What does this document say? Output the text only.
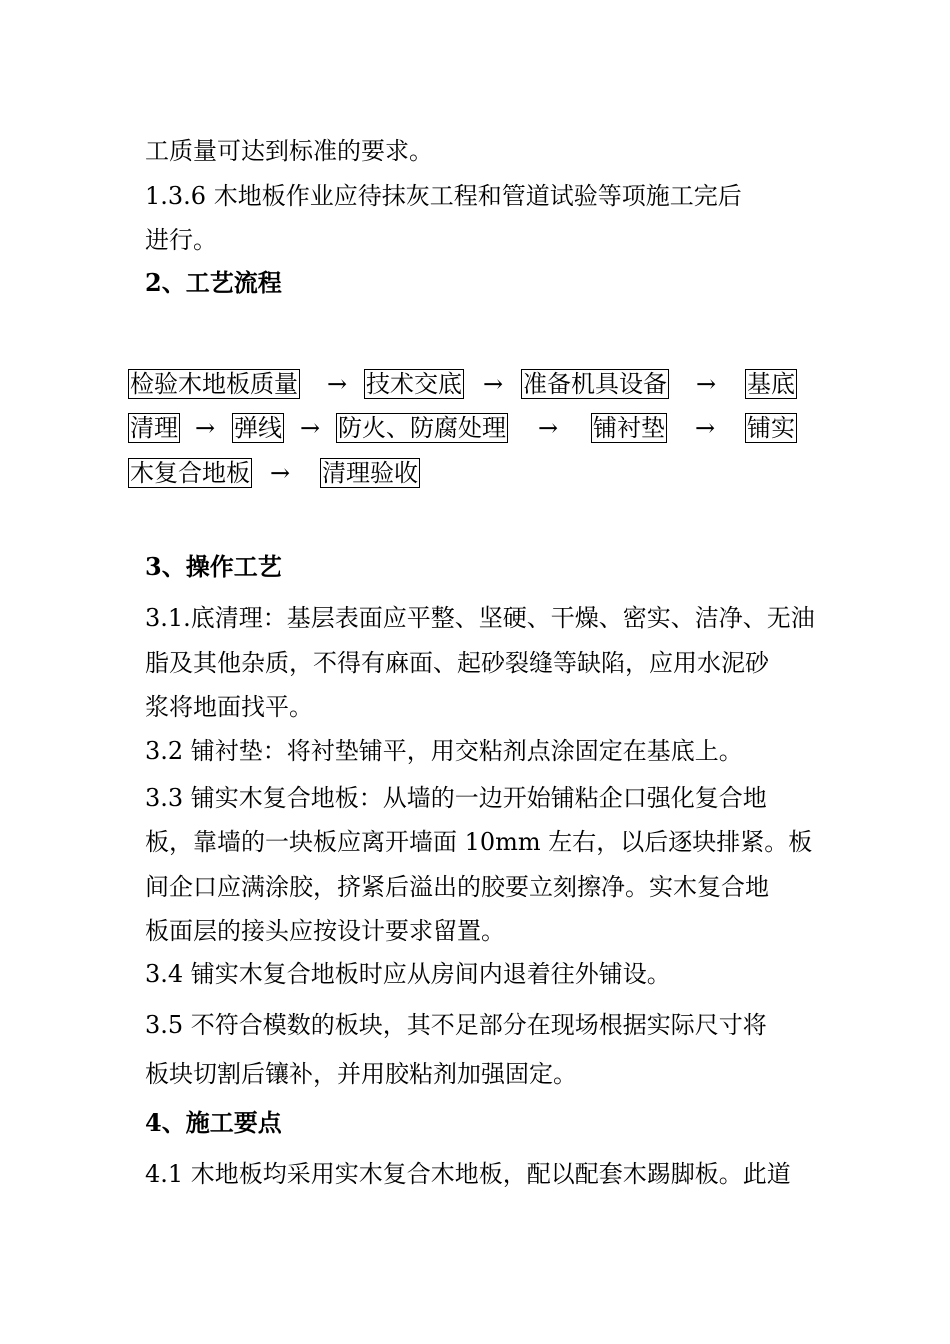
工质量可达到标准的要求。
1.3.6 木地板作业应待抹灰工程和管道试验等项施工完后
进行。
2、工艺流程
检验木地板质量 → 技术交底 → 准备机具设备 → 基底
清理 → 弹线 → 防火、防腐处理 → 铺衬垫 → 铺实
木复合地板 → 清理验收
3、操作工艺
3.1.底清理：基层表面应平整、坚硬、干燥、密实、洁净、无油
脂及其他杂质，不得有麻面、起砂裂缝等缺陷，应用水泥砂
浆将地面找平。
3.2 铺衬垫：将衬垫铺平，用交粘剂点涂固定在基底上。
3.3 铺实木复合地板：从墙的一边开始铺粘企口强化复合地
板，靠墙的一块板应离开墙面 10mm 左右，以后逐块排紧。板
间企口应满涂胶，挤紧后溢出的胶要立刻擦净。实木复合地
板面层的接头应按设计要求留置。
3.4 铺实木复合地板时应从房间内退着往外铺设。
3.5 不符合模数的板块，其不足部分在现场根据实际尺寸将
板块切割后镶补，并用胶粘剂加强固定。
4、施工要点
4.1 木地板均采用实木复合木地板，配以配套木踢脚板。此道
